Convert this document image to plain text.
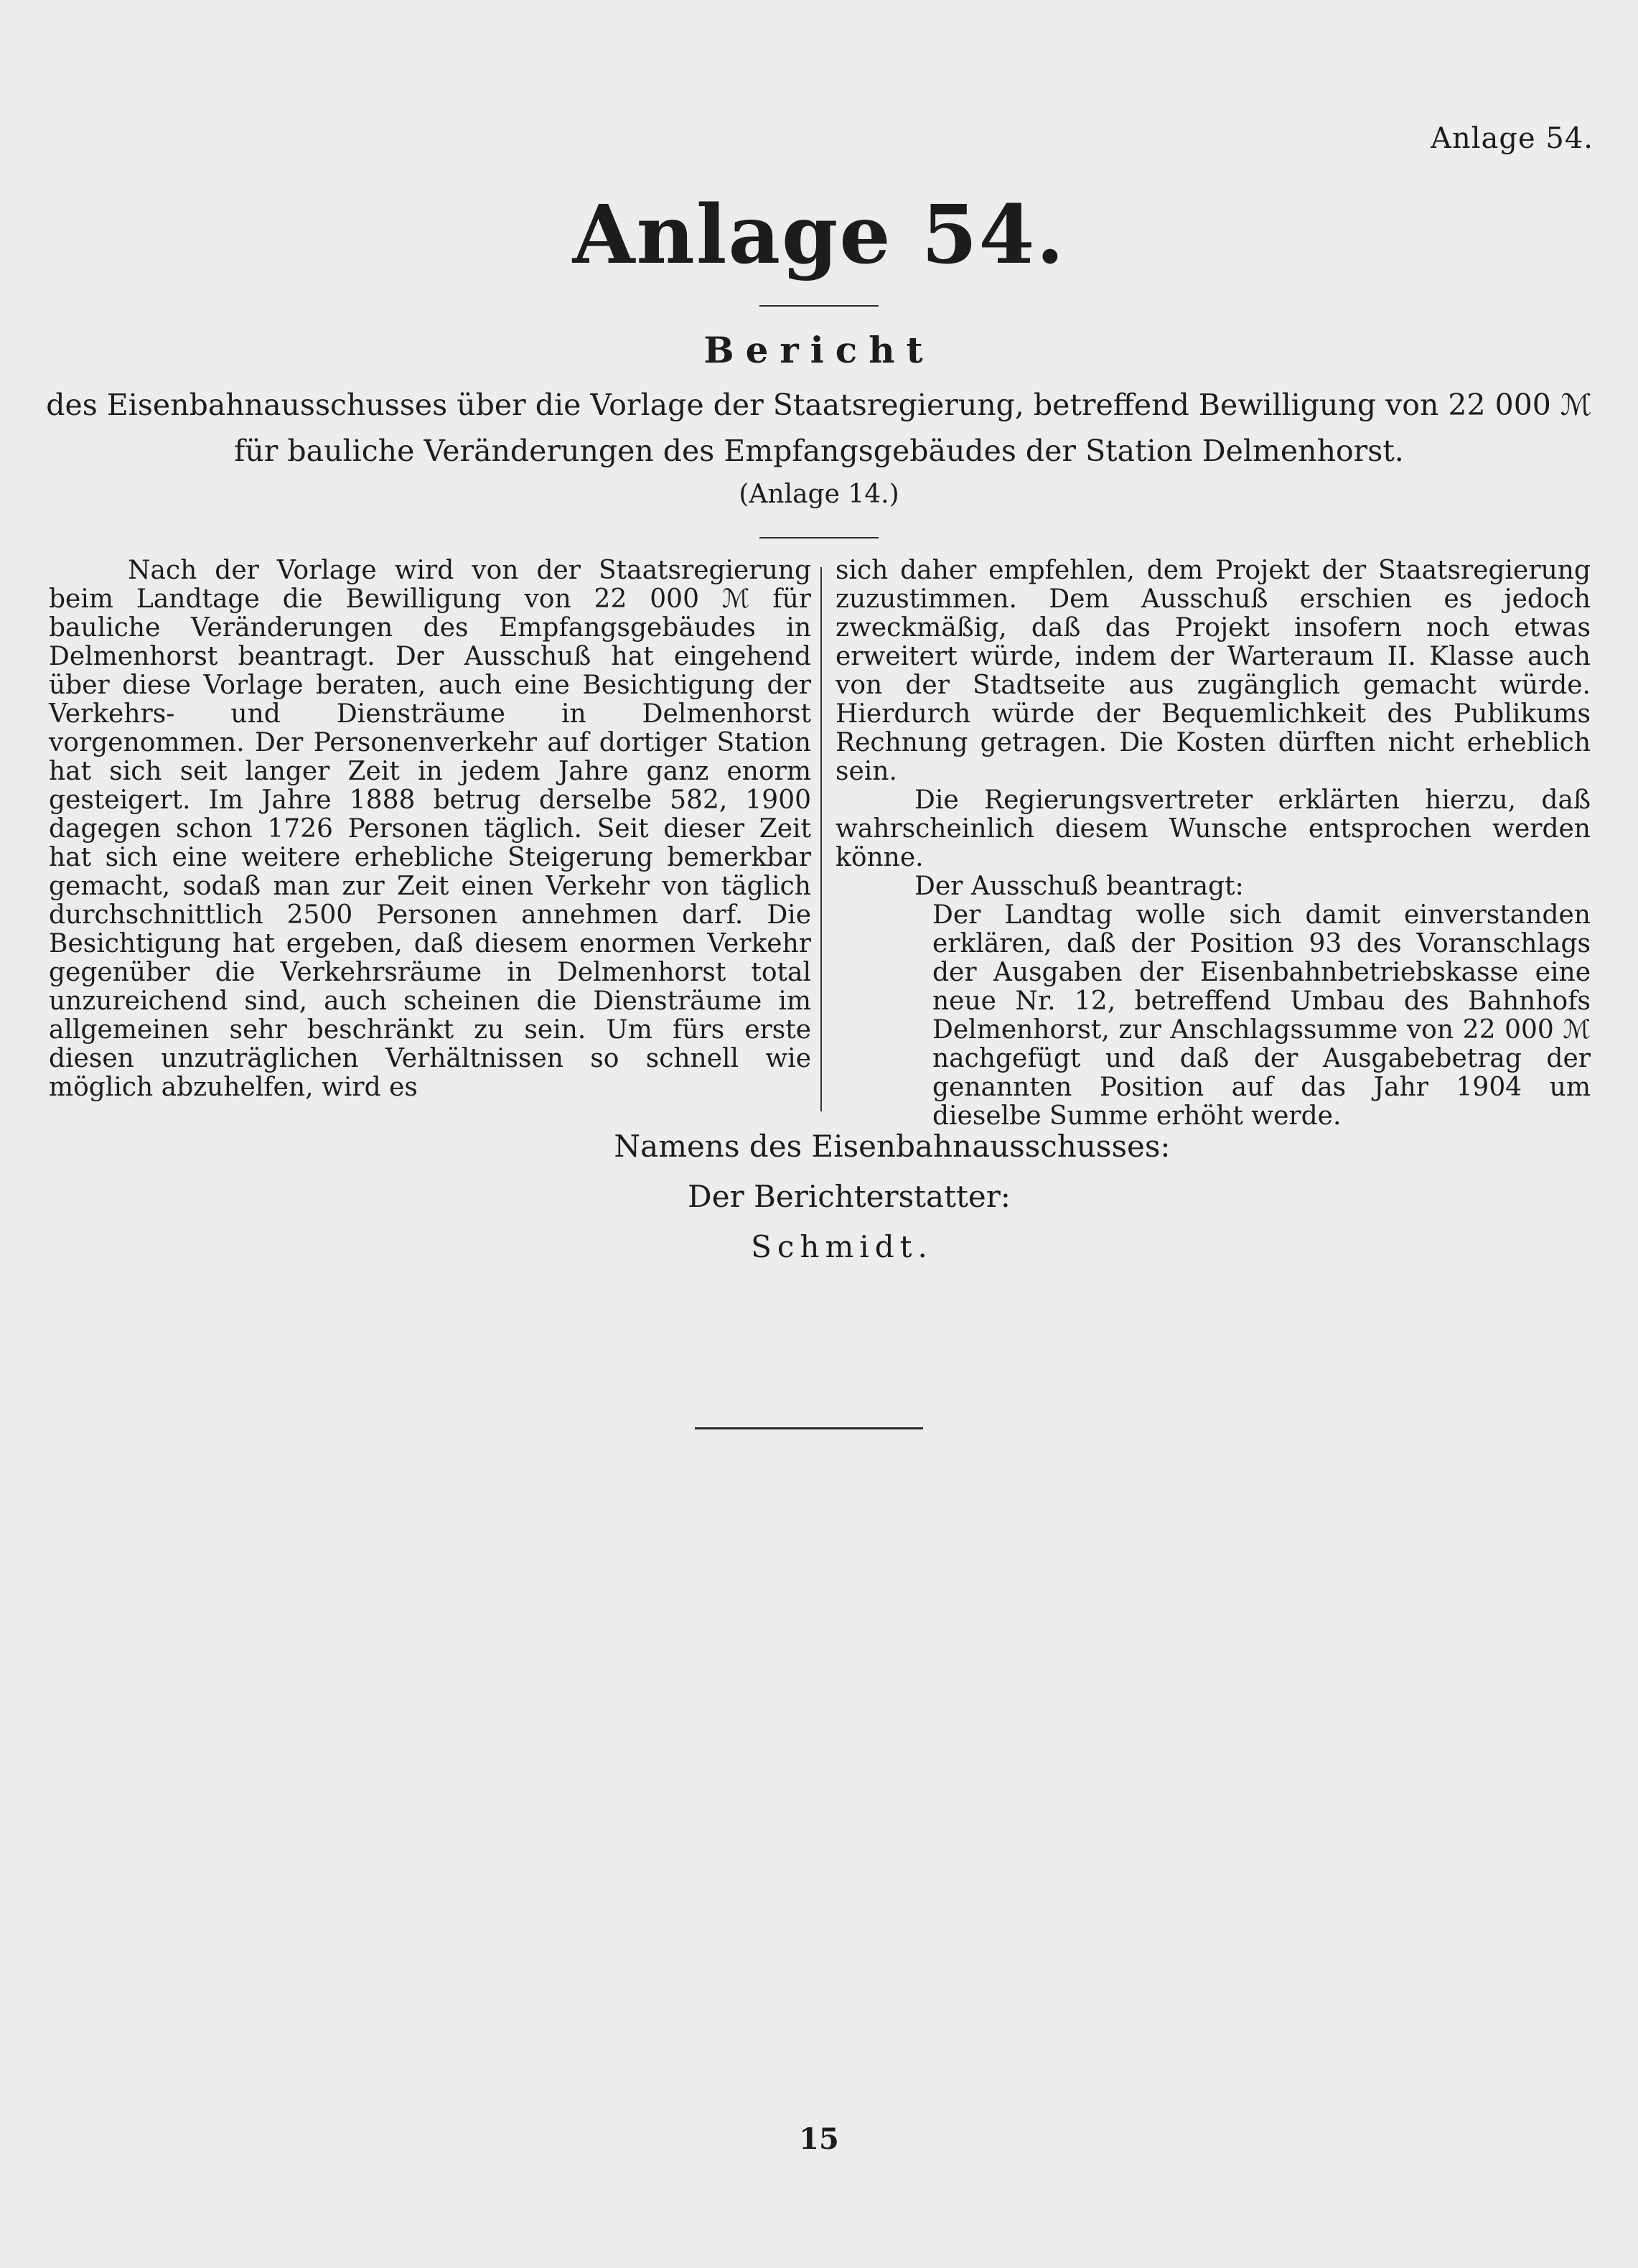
Anlage 54.
Anlage 54.
Bericht
des Eisenbahnausschusses über die Vorlage der Staatsregierung, betreffend Bewilligung von 22 000 ℳ für bauliche Veränderungen des Empfangsgebäudes der Station Delmenhorst.
(Anlage 14.)

Nach der Vorlage wird von der Staatsregierung beim Landtage die Bewilligung von 22 000 ℳ für bauliche Veränderungen des Empfangsgebäudes in Delmenhorst beantragt. Der Ausschuß hat eingehend über diese Vorlage beraten, auch eine Besichtigung der Verkehrs- und Diensträume in Delmenhorst vorgenommen. Der Personenverkehr auf dortiger Station hat sich seit langer Zeit in jedem Jahre ganz enorm gesteigert. Im Jahre 1888 betrug derselbe 582, 1900 dagegen schon 1726 Personen täglich. Seit dieser Zeit hat sich eine weitere erhebliche Steigerung bemerkbar gemacht, sodaß man zur Zeit einen Verkehr von täglich durchschnittlich 2500 Personen annehmen darf. Die Besichtigung hat ergeben, daß diesem enormen Verkehr gegenüber die Verkehrsräume in Delmenhorst total unzureichend sind, auch scheinen die Diensträume im allgemeinen sehr beschränkt zu sein. Um fürs erste diesen unzuträglichen Verhältnissen so schnell wie möglich abzuhelfen, wird es

sich daher empfehlen, dem Projekt der Staatsregierung zuzustimmen. Dem Ausschuß erschien es jedoch zweckmäßig, daß das Projekt insofern noch etwas erweitert würde, indem der Warteraum II. Klasse auch von der Stadtseite aus zugänglich gemacht würde. Hierdurch würde der Bequemlichkeit des Publikums Rechnung getragen. Die Kosten dürften nicht erheblich sein.

Die Regierungsvertreter erklärten hierzu, daß wahrscheinlich diesem Wunsche entsprochen werden könne.

Der Ausschuß beantragt:

Der Landtag wolle sich damit einverstanden erklären, daß der Position 93 des Voranschlags der Ausgaben der Eisenbahnbetriebskasse eine neue Nr. 12, betreffend Umbau des Bahnhofs Delmenhorst, zur Anschlagssumme von 22 000 ℳ nachgefügt und daß der Ausgabebetrag der genannten Position auf das Jahr 1904 um dieselbe Summe erhöht werde.

Namens des Eisenbahnausschusses:
Der Berichterstatter:
Schmidt.
15
